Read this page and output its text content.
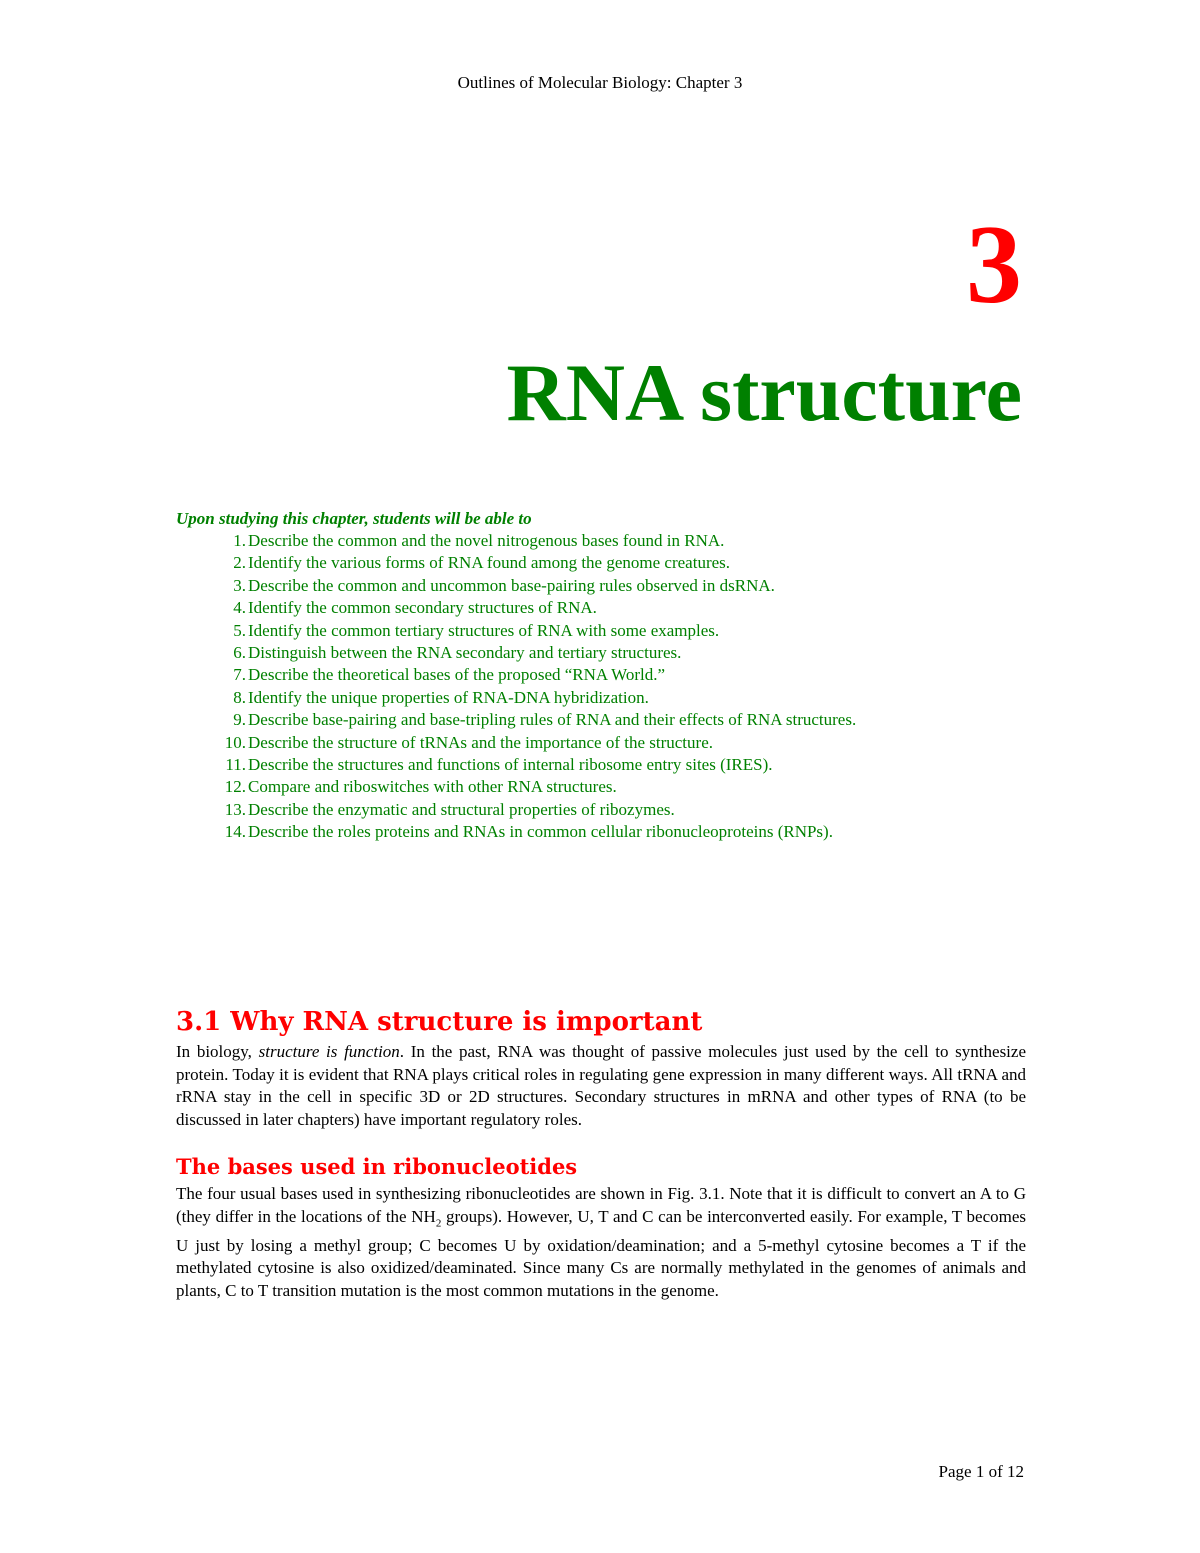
Outlines of Molecular Biology: Chapter 3
3
RNA structure
Upon studying this chapter, students will be able to
1. Describe the common and the novel nitrogenous bases found in RNA.
2. Identify the various forms of RNA found among the genome creatures.
3. Describe the common and uncommon base-pairing rules observed in dsRNA.
4. Identify the common secondary structures of RNA.
5. Identify the common tertiary structures of RNA with some examples.
6. Distinguish between the RNA secondary and tertiary structures.
7. Describe the theoretical bases of the proposed “RNA World.”
8. Identify the unique properties of RNA-DNA hybridization.
9. Describe base-pairing and base-tripling rules of RNA and their effects of RNA structures.
10. Describe the structure of tRNAs and the importance of the structure.
11. Describe the structures and functions of internal ribosome entry sites (IRES).
12. Compare and riboswitches with other RNA structures.
13. Describe the enzymatic and structural properties of ribozymes.
14. Describe the roles proteins and RNAs in common cellular ribonucleoproteins (RNPs).
3.1 Why RNA structure is important

In biology, structure is function. In the past, RNA was thought of passive molecules just used by the cell to synthesize protein. Today it is evident that RNA plays critical roles in regulating gene expression in many different ways. All tRNA and rRNA stay in the cell in specific 3D or 2D structures. Secondary structures in mRNA and other types of RNA (to be discussed in later chapters) have important regulatory roles.

The bases used in ribonucleotides

The four usual bases used in synthesizing ribonucleotides are shown in Fig. 3.1. Note that it is difficult to convert an A to G (they differ in the locations of the $NH_2$ groups). However, U, T and C can be interconverted easily. For example, T becomes U just by losing a methyl group; C becomes U by oxidation/deamination; and a 5-methyl cytosine becomes a T if the methylated cytosine is also oxidized/deaminated. Since many Cs are normally methylated in the genomes of animals and plants, C to T transition mutation is the most common mutations in the genome.

Page 1 of 12
